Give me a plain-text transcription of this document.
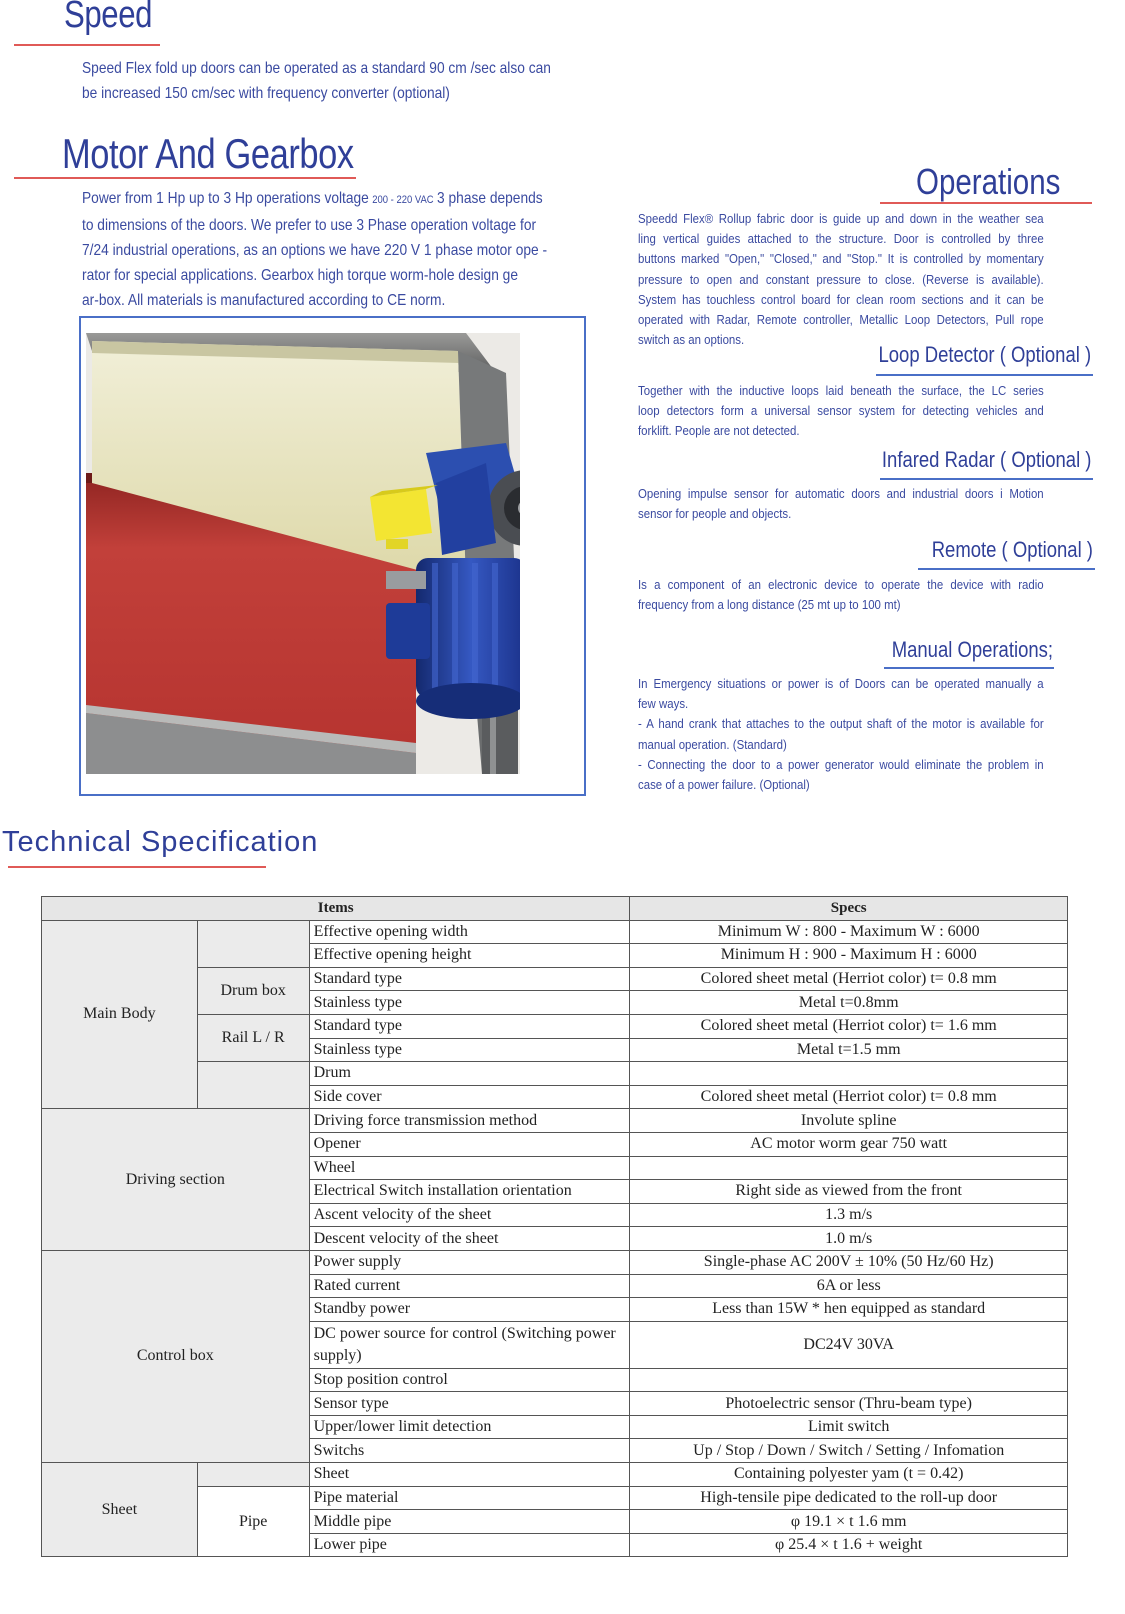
Speed
Speed Flex fold up doors can be operated as a standard 90 cm /sec also can
be increased 150 cm/sec with frequency converter (optional)
Motor And Gearbox
Power from 1 Hp up to 3 Hp operations voltage 200 - 220 VAC 3 phase depends
to dimensions of the doors. We prefer to use 3 Phase operation voltage for
7/24 industrial operations, as an options we have 220 V 1 phase motor ope -
rator for special applications. Gearbox high torque worm-hole design ge
ar-box. All materials is manufactured according to CE norm.
Operations
Speedd Flex® Rollup fabric door is guide up and down in the weather sea
ling vertical guides attached to the structure. Door is controlled by three
buttons marked "Open," "Closed," and "Stop." It is controlled by momentary
pressure to open and constant pressure to close. (Reverse is available).
System has touchless control board for clean room sections and it can be
operated with Radar, Remote controller, Metallic Loop Detectors, Pull rope
switch as an options.
Loop Detector ( Optional )
Together with the inductive loops laid beneath the surface, the LC series
loop detectors form a universal sensor system for detecting vehicles and
forklift. People are not detected.
Infared Radar ( Optional )
Opening impulse sensor for automatic doors and industrial doors i Motion
sensor for people and objects.
Remote ( Optional )
Is a component of an electronic device to operate the device with radio
frequency from a long distance (25 mt up to 100 mt)
Manual Operations;
In Emergency situations or power is of Doors can be operated manually a
few ways.
- A hand crank that attaches to the output shaft of the motor is available for
manual operation. (Standard)
- Connecting the door to a power generator would eliminate the problem in
case of a power failure. (Optional)
Technical Specification
Items			Specs
Main Body		Effective opening width	Minimum W : 800 - Maximum W : 6000
		Effective opening height	Minimum H : 900 - Maximum H : 6000
	Drum box	Standard type	Colored sheet metal (Herriot color) t= 0.8 mm
		Stainless type	Metal t=0.8mm
	Rail L / R	Standard type	Colored sheet metal (Herriot color) t= 1.6 mm
		Stainless type	Metal t=1.5 mm
		Drum	
		Side cover	Colored sheet metal (Herriot color) t= 0.8 mm
Driving section		Driving force transmission method	Involute spline
		Opener	AC motor worm gear 750 watt
		Wheel	
		Electrical Switch installation orientation	Right side as viewed from the front
		Ascent velocity of the sheet	1.3 m/s
		Descent velocity of the sheet	1.0 m/s
Control box		Power supply	Single-phase AC 200V ± 10% (50 Hz/60 Hz)
		Rated current	6A or less
		Standby power	Less than 15W * hen equipped as standard
		DC power source for control (Switching power supply)	DC24V 30VA
		Stop position control	
		Sensor type	Photoelectric sensor (Thru-beam type)
		Upper/lower limit detection	Limit switch
		Switchs	Up / Stop / Down / Switch / Setting / Infomation
Sheet		Sheet	Containing polyester yam (t = 0.42)
	Pipe	Pipe material	High-tensile pipe dedicated to the roll-up door
		Middle pipe	φ 19.1 × t 1.6 mm
		Lower pipe	φ 25.4 × t 1.6 + weight
